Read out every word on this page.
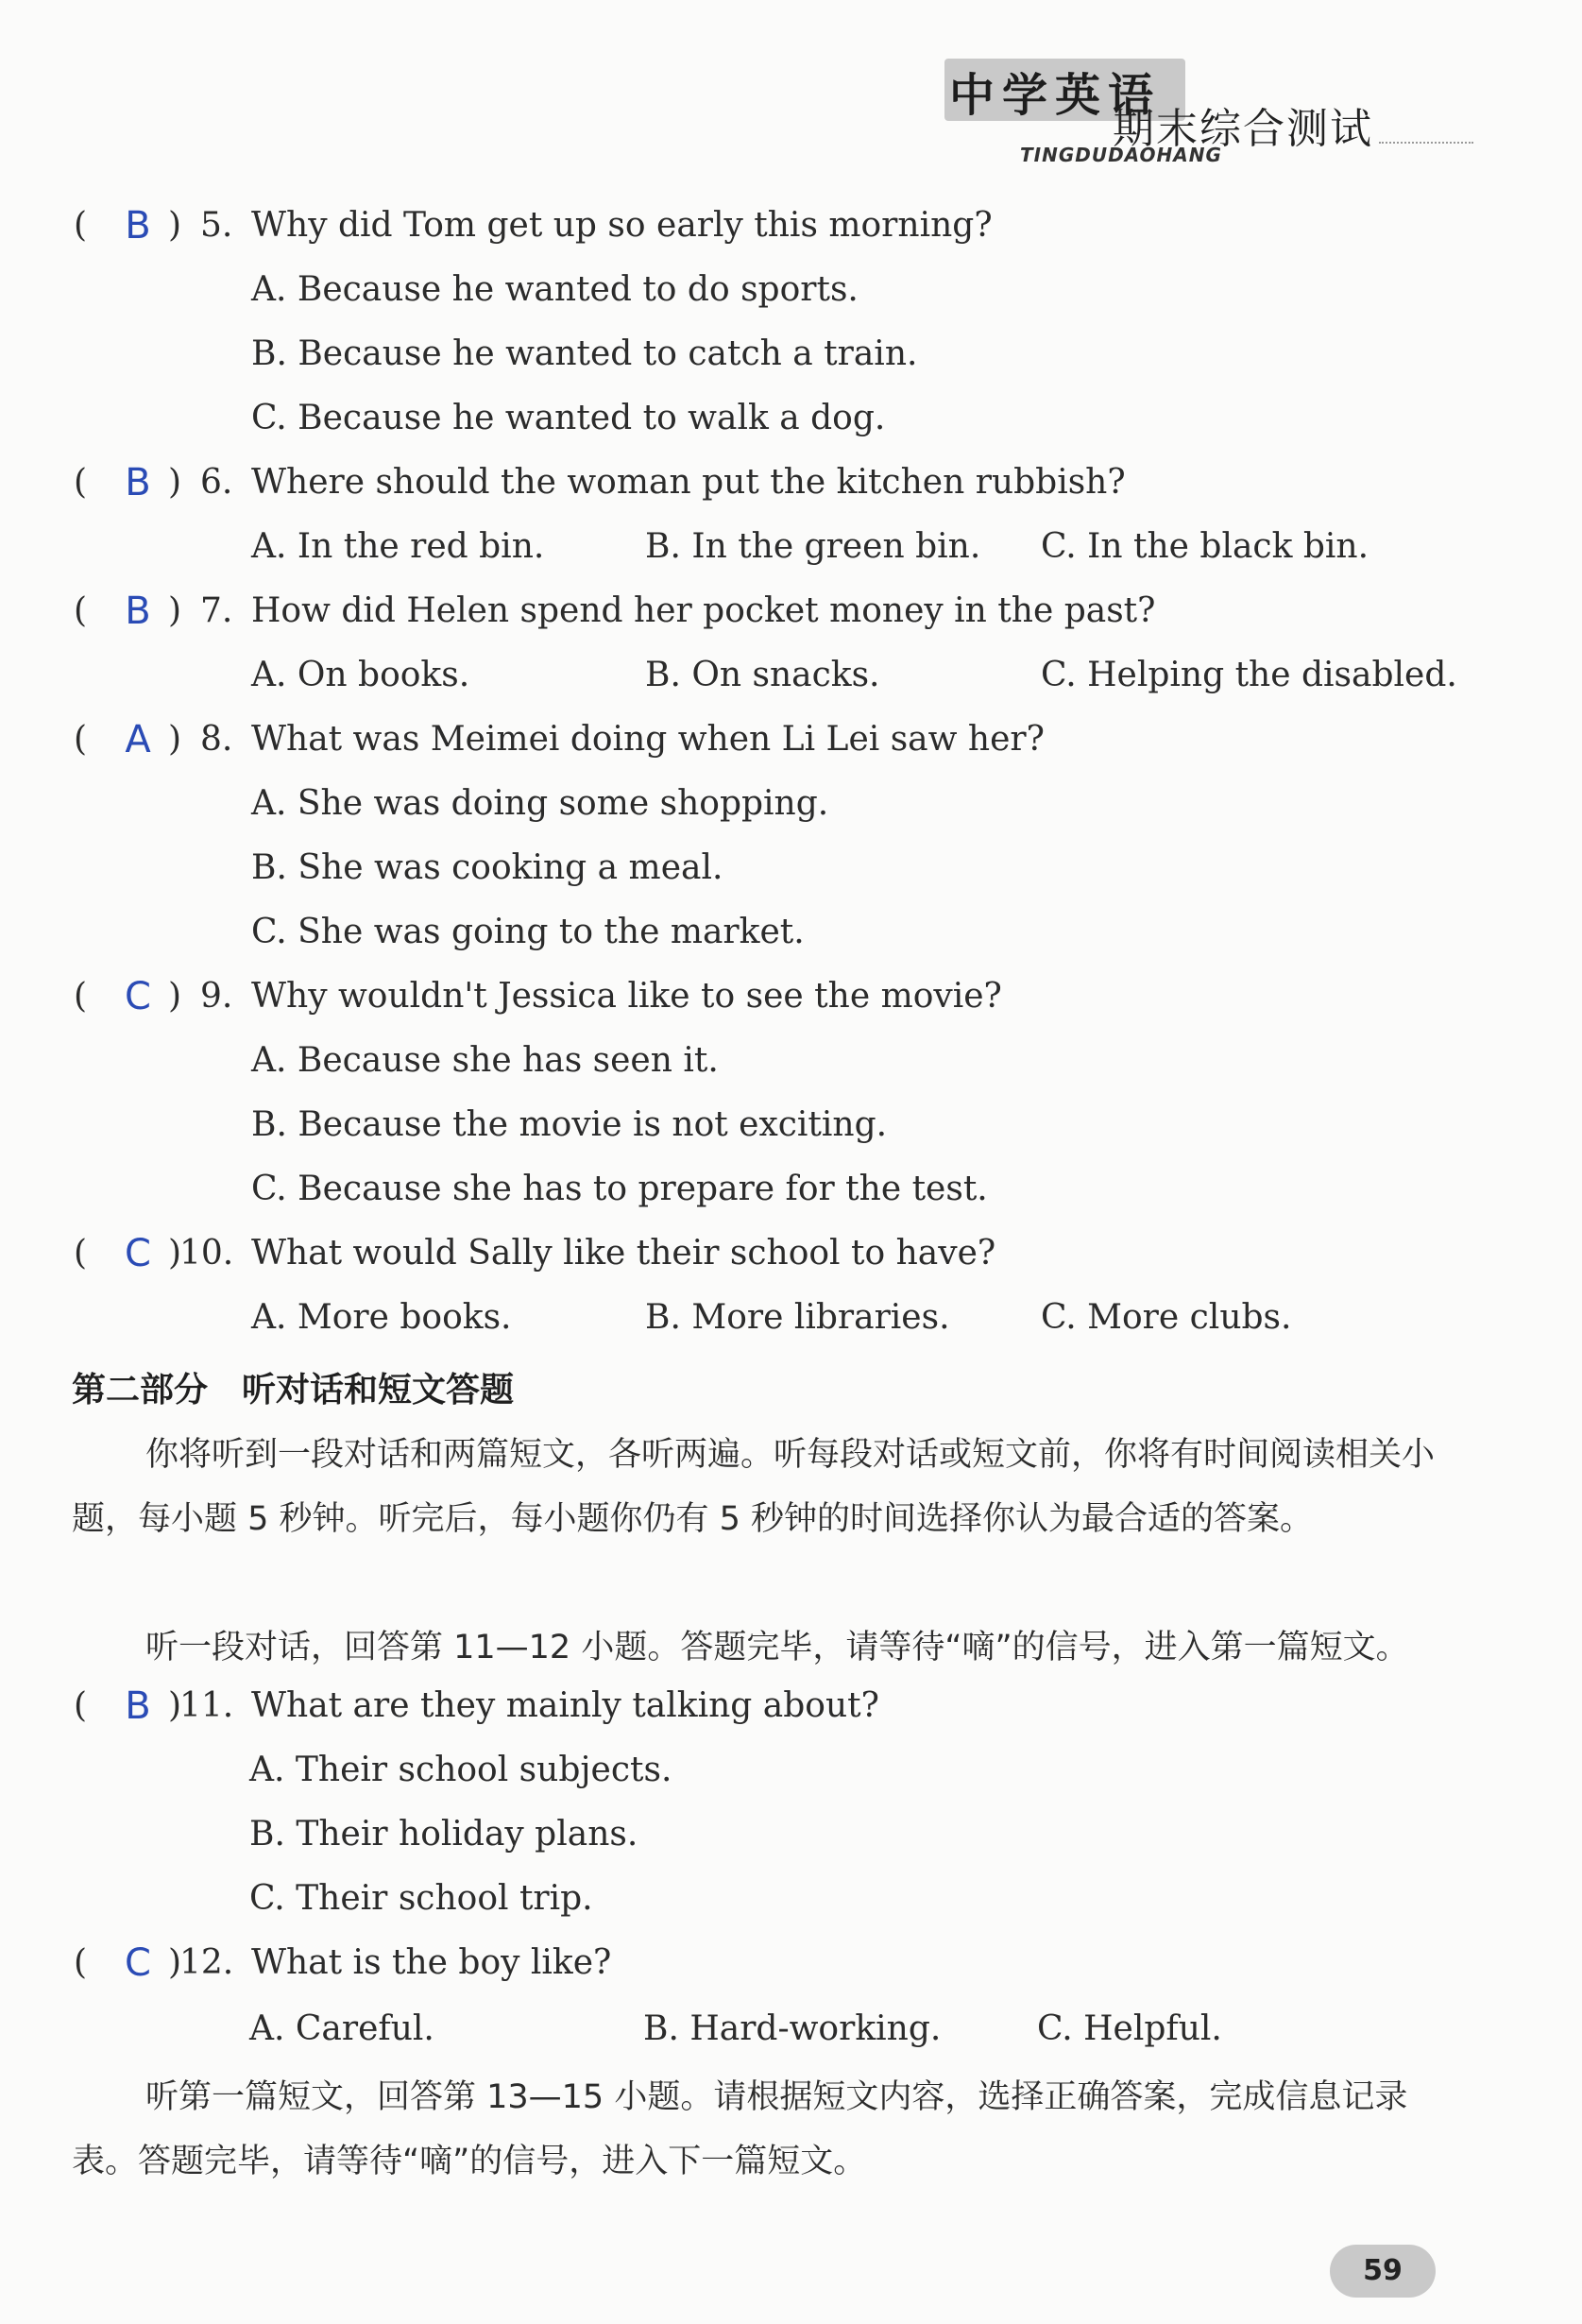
中学英语
期末综合测试
TINGDUDAOHANG
(	B ) 5. Why did Tom get up so early this morning?
A. Because he wanted to do sports.
B. Because he wanted to catch a train.
C. Because he wanted to walk a dog.
(	B ) 6. Where should the woman put the kitchen rubbish?
A. In the red bin.	B. In the green bin. C. In the black bin.
(	B ) 7. How did Helen spend her pocket money in the past?
A. On books.	B. On snacks.	C. Helping the disabled.
(	A ) 8. What was Meimei doing when Li Lei saw her?
A. She was doing some shopping.
B. She was cooking a meal.
C. She was going to the market.
( C ) 9. Why wouldn't Jessica like to see the movie?
A. Because she has seen it.
B. Because the movie is not exciting.
C. Because she has to prepare for the test.
( C )
10. What would Sally like their school to have?
A. More books.	B. More libraries.	C. More clubs.
第二部分　听对话和短文答题
你将听到一段对话和两篇短文，各听两遍。听每段对话或短文前，你将有时间阅读相关小题，每小题 5 秒钟。听完后，每小题你仍有 5 秒钟的时间选择你认为最合适的答案。
听一段对话，回答第 11—12 小题。答题完毕，请等待“嘀”的信号，进入第一篇短文。
(	B )
11. What are they mainly talking about?
A. Their school subjects.
B. Their holiday plans.
C. Their school trip.
( C )
12. What is the boy like?
A. Careful.	B. Hard-working.	C. Helpful.
听第一篇短文，回答第 13—15 小题。请根据短文内容，选择正确答案，完成信息记录表。答题完毕，请等待“嘀”的信号，进入下一篇短文。
59
